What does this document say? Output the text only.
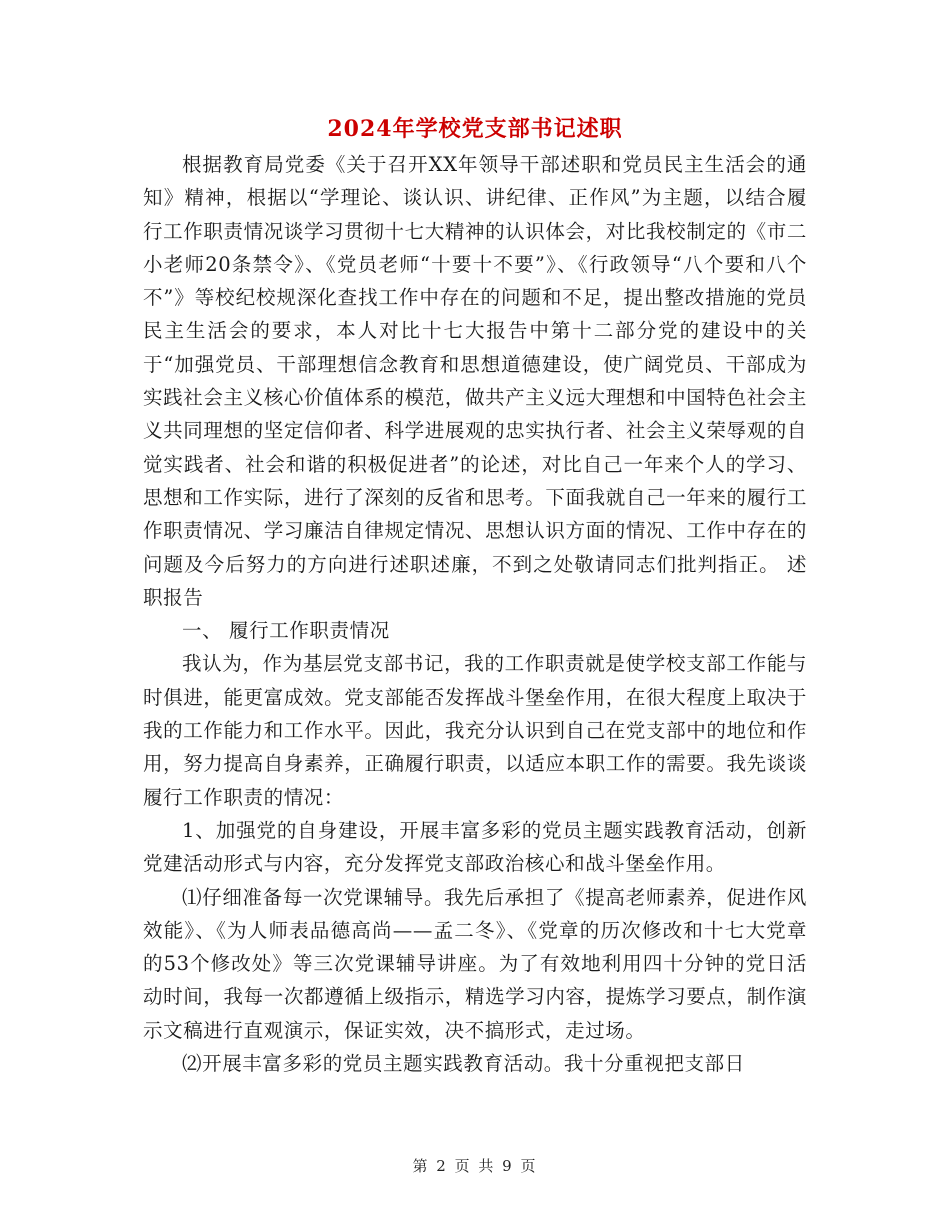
2024年学校党支部书记述职

根据教育局党委《关于召开XX年领导干部述职和党员民主生活会的通知》精神，根据以“学理论、谈认识、讲纪律、正作风”为主题，以结合履行工作职责情况谈学习贯彻十七大精神的认识体会，对比我校制定的《市二小老师20条禁令》、《党员老师“十要十不要”》、《行政领导“八个要和八个不”》等校纪校规深化查找工作中存在的问题和不足，提出整改措施的党员民主生活会的要求，本人对比十七大报告中第十二部分党的建设中的关于“加强党员、干部理想信念教育和思想道德建设，使广阔党员、干部成为实践社会主义核心价值体系的模范，做共产主义远大理想和中国特色社会主义共同理想的坚定信仰者、科学进展观的忠实执行者、社会主义荣辱观的自觉实践者、社会和谐的积极促进者”的论述，对比自己一年来个人的学习、思想和工作实际，进行了深刻的反省和思考。下面我就自己一年来的履行工作职责情况、学习廉洁自律规定情况、思想认识方面的情况、工作中存在的问题及今后努力的方向进行述职述廉，不到之处敬请同志们批判指正。 述职报告

一、 履行工作职责情况

我认为，作为基层党支部书记，我的工作职责就是使学校支部工作能与时俱进，能更富成效。党支部能否发挥战斗堡垒作用，在很大程度上取决于我的工作能力和工作水平。因此，我充分认识到自己在党支部中的地位和作用，努力提高自身素养，正确履行职责，以适应本职工作的需要。我先谈谈履行工作职责的情况：

1、加强党的自身建设，开展丰富多彩的党员主题实践教育活动，创新党建活动形式与内容，充分发挥党支部政治核心和战斗堡垒作用。

⑴仔细准备每一次党课辅导。我先后承担了《提高老师素养，促进作风效能》、《为人师表品德高尚——孟二冬》、《党章的历次修改和十七大党章的53个修改处》等三次党课辅导讲座。为了有效地利用四十分钟的党日活动时间，我每一次都遵循上级指示，精选学习内容，提炼学习要点，制作演示文稿进行直观演示，保证实效，决不搞形式，走过场。

⑵开展丰富多彩的党员主题实践教育活动。我十分重视把支部日

第 2 页 共 9 页
